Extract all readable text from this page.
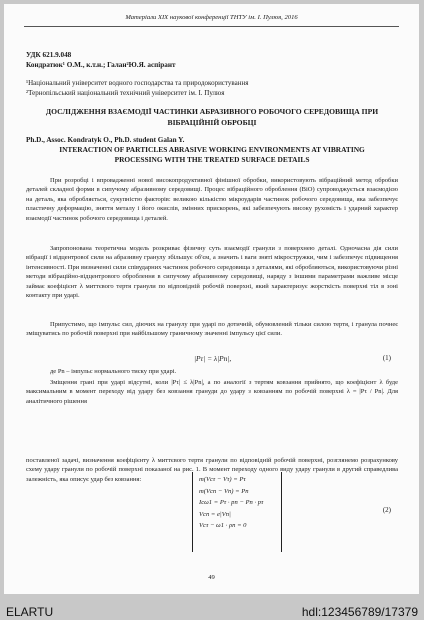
Матеріали XIX наукової конференції ТНТУ ім. І. Пулюя, 2016
УДК 621.9.048
Кондратюк¹ О.М., к.т.н.; Галан²Ю.Я. аспірант
¹Національний університет водного господарства та природокористування
²Тернопільський національний технічний університет ім. І. Пулюя
ДОСЛІДЖЕННЯ ВЗАЄМОДІЇ ЧАСТИНКИ АБРАЗИВНОГО РОБОЧОГО СЕРЕДОВИЩА ПРИ ВІБРАЦІЙНІЙ ОБРОБЦІ
Ph.D., Assoc. Kondratyk O., Ph.D. student Galan Y.
INTERACTION OF PARTICLES ABRASIVE WORKING ENVIRONMENTS AT VIBRATING PROCESSING WITH THE TREATED SURFACE DETAILS
При розробці і впровадженні нової високопродуктивної фінішної обробки, використовують вібраційний метод обробки деталей складної форми в сипучому абразивному середовищі. Процес вібраційного оброблення (ВіО) супроводжується взаємодією на деталь, яка обробляється, сукупністю факторів: великою кількістю мікроударів частинок робочого середовища, яка забезпечує пластичну деформацію, зняття металу і його окислів, змінних прискорень, які забезпечують високу рухомість і ударний характер взаємодії частинок робочого середовища і деталей.
Запропонована теоретична модель розкриває фізичну суть взаємодії гранули з поверхнею деталі. Одночасна дія сили вібрації і відцентрової сили на абразивну гранулу збільшує об'єм, а значить і ваги зняті мікростружки, чим і забезпечує підвищення інтенсивності. При визначенні сили співударних частинок робочого середовища з деталями, які обробляються, використовуючи різні методи вібраційно-відцентрового оброблення в сипучому абразивному середовищі, наряду з іншими параметрами важливе місце займає коефіцієнт λ миттєвого тертя гранули по відповідній робочій поверхні, який характеризує жорсткість поверхні тіл в зоні контакту при ударі.
Припустимо, що імпульс сил, діючих на гранулу при ударі по дотичній, обумовлений тільки силою тертя, і гранула почнеє зміщуватись по робочій поверхні при найбільшому граничному значенні імпульсу цієї сили.
|Pτ| = λ|Pn|,	(1)
де Pn – імпульс нормального тиску при ударі.
Зміщення грані при ударі відсутні, коли |Pτ| ≤ λ|Pn|, а по аналогії з тертям ковзання прийнято, що коефіцієнт λ буде максимальним в момент переходу від удару без ковзання грануди до удару з ковзанням по робочій поверхні λ = |Pτ / Pn|. Для аналітичного рішення
поставленої задачі, визначення коефіцієнту λ миттєвого тертя гранули по відповідній робочій поверхні, розглянемо розрахункову схему удару гранули по робочій поверхні показаної на рис. 1. В момент переходу одного виду удару гранули в другий справедлива залежність, яка описує удар без ковзання:	m(Vcτ − Vτ) = Pτ
m(Vcn − Vn) = Pn
Icω1 = Pτ · pn − Pn · pτ
Vcn = e|Vn|
Vcτ − ω1 · ρn = 0
(2)
49
ELARTU	hdl:123456789/17379
